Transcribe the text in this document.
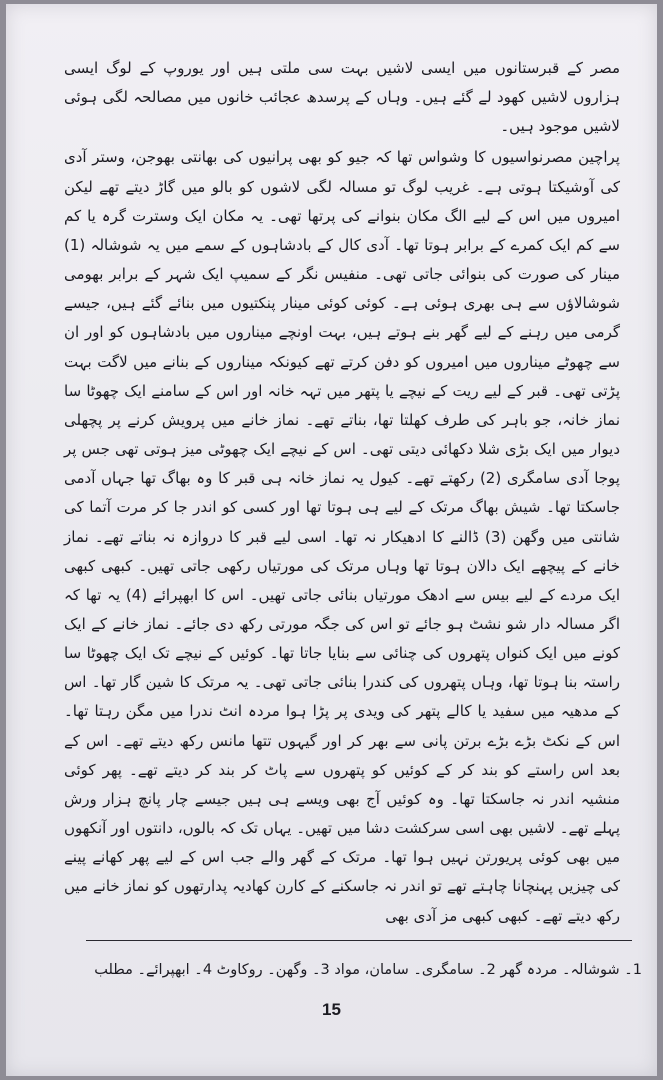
مصر کے قبرستانوں میں ایسی لاشیں بہت سی ملتی ہیں اور یوروپ کے لوگ ایسی ہزاروں لاشیں کھود لے گئے ہیں۔ وہاں کے پرسدھ عجائب خانوں میں مصالحہ لگی ہوئی لاشیں موجود ہیں۔

پراچین مصرنواسیوں کا وشواس تھا کہ جیو کو بھی پرانیوں کی بھانتی بھوجن، وستر آدی کی آوشیکتا ہوتی ہے۔ غریب لوگ تو مسالہ لگی لاشوں کو بالو میں گاڑ دیتے تھے لیکن امیروں میں اس کے لیے الگ مکان بنوانے کی پرتھا تھی۔ یہ مکان ایک وسترت گرہ یا کم سے کم ایک کمرے کے برابر ہوتا تھا۔ آدی کال کے بادشاہوں کے سمے میں یہ شوشالہ (1) مینار کی صورت کی بنوائی جاتی تھی۔ منفیس نگر کے سمیپ ایک شہر کے برابر بھومی شوشالاؤں سے ہی بھری ہوئی ہے۔ کوئی کوئی مینار پنکتیوں میں بنائے گئے ہیں، جیسے گرمی میں رہنے کے لیے گھر بنے ہوتے ہیں، بہت اونچے میناروں میں بادشاہوں کو اور ان سے چھوٹے میناروں میں امیروں کو دفن کرتے تھے کیونکہ میناروں کے بنانے میں لاگت بہت پڑتی تھی۔ قبر کے لیے ریت کے نیچے یا پتھر میں تہہ خانہ اور اس کے سامنے ایک چھوٹا سا نماز خانہ، جو باہر کی طرف کھلتا تھا، بناتے تھے۔ نماز خانے میں پرویش کرنے پر پچھلی دیوار میں ایک بڑی شلا دکھائی دیتی تھی۔ اس کے نیچے ایک چھوٹی میز ہوتی تھی جس پر پوجا آدی سامگری (2) رکھتے تھے۔ کیول یہ نماز خانہ ہی قبر کا وہ بھاگ تھا جہاں آدمی جاسکتا تھا۔ شیش بھاگ مرتک کے لیے ہی ہوتا تھا اور کسی کو اندر جا کر مرت آتما کی شانتی میں وگھن (3) ڈالنے کا ادھیکار نہ تھا۔ اسی لیے قبر کا دروازہ نہ بناتے تھے۔ نماز خانے کے پیچھے ایک دالان ہوتا تھا وہاں مرتک کی مورتیاں رکھی جاتی تھیں۔ کبھی کبھی ایک مردے کے لیے بیس سے ادھک مورتیاں بنائی جاتی تھیں۔ اس کا ابھپرائے (4) یہ تھا کہ اگر مسالہ دار شو نشٹ ہو جائے تو اس کی جگہ مورتی رکھ دی جائے۔ نماز خانے کے ایک کونے میں ایک کنواں پتھروں کی چنائی سے بنایا جاتا تھا۔ کوئیں کے نیچے تک ایک چھوٹا سا راستہ بنا ہوتا تھا، وہاں پتھروں کی کندرا بنائی جاتی تھی۔ یہ مرتک کا شین گار تھا۔ اس کے مدھیہ میں سفید یا کالے پتھر کی ویدی پر پڑا ہوا مردہ انٹ ندرا میں مگن رہتا تھا۔ اس کے نکٹ بڑے بڑے برتن پانی سے بھر کر اور گیہوں تتھا مانس رکھ دیتے تھے۔ اس کے بعد اس راستے کو بند کر کے کوئیں کو پتھروں سے پاٹ کر بند کر دیتے تھے۔ پھر کوئی منشیہ اندر نہ جاسکتا تھا۔ وہ کوئیں آج بھی ویسے ہی ہیں جیسے چار پانچ ہزار ورش پہلے تھے۔ لاشیں بھی اسی سرکشت دشا میں تھیں۔ یہاں تک کہ بالوں، دانتوں اور آنکھوں میں بھی کوئی پریورتن نہیں ہوا تھا۔ مرتک کے گھر والے جب اس کے لیے پھر کھانے پینے کی چیزیں پہنچانا چاہتے تھے تو اندر نہ جاسکنے کے کارن کھادیہ پدارتھوں کو نماز خانے میں رکھ دیتے تھے۔ کبھی کبھی مز آدی بھی

1۔ شوشالہ۔ مردہ گھر 2۔ سامگری۔ سامان، مواد 3۔ وگھن۔ روکاوٹ 4۔ ابھپرائے۔ مطلب

15
